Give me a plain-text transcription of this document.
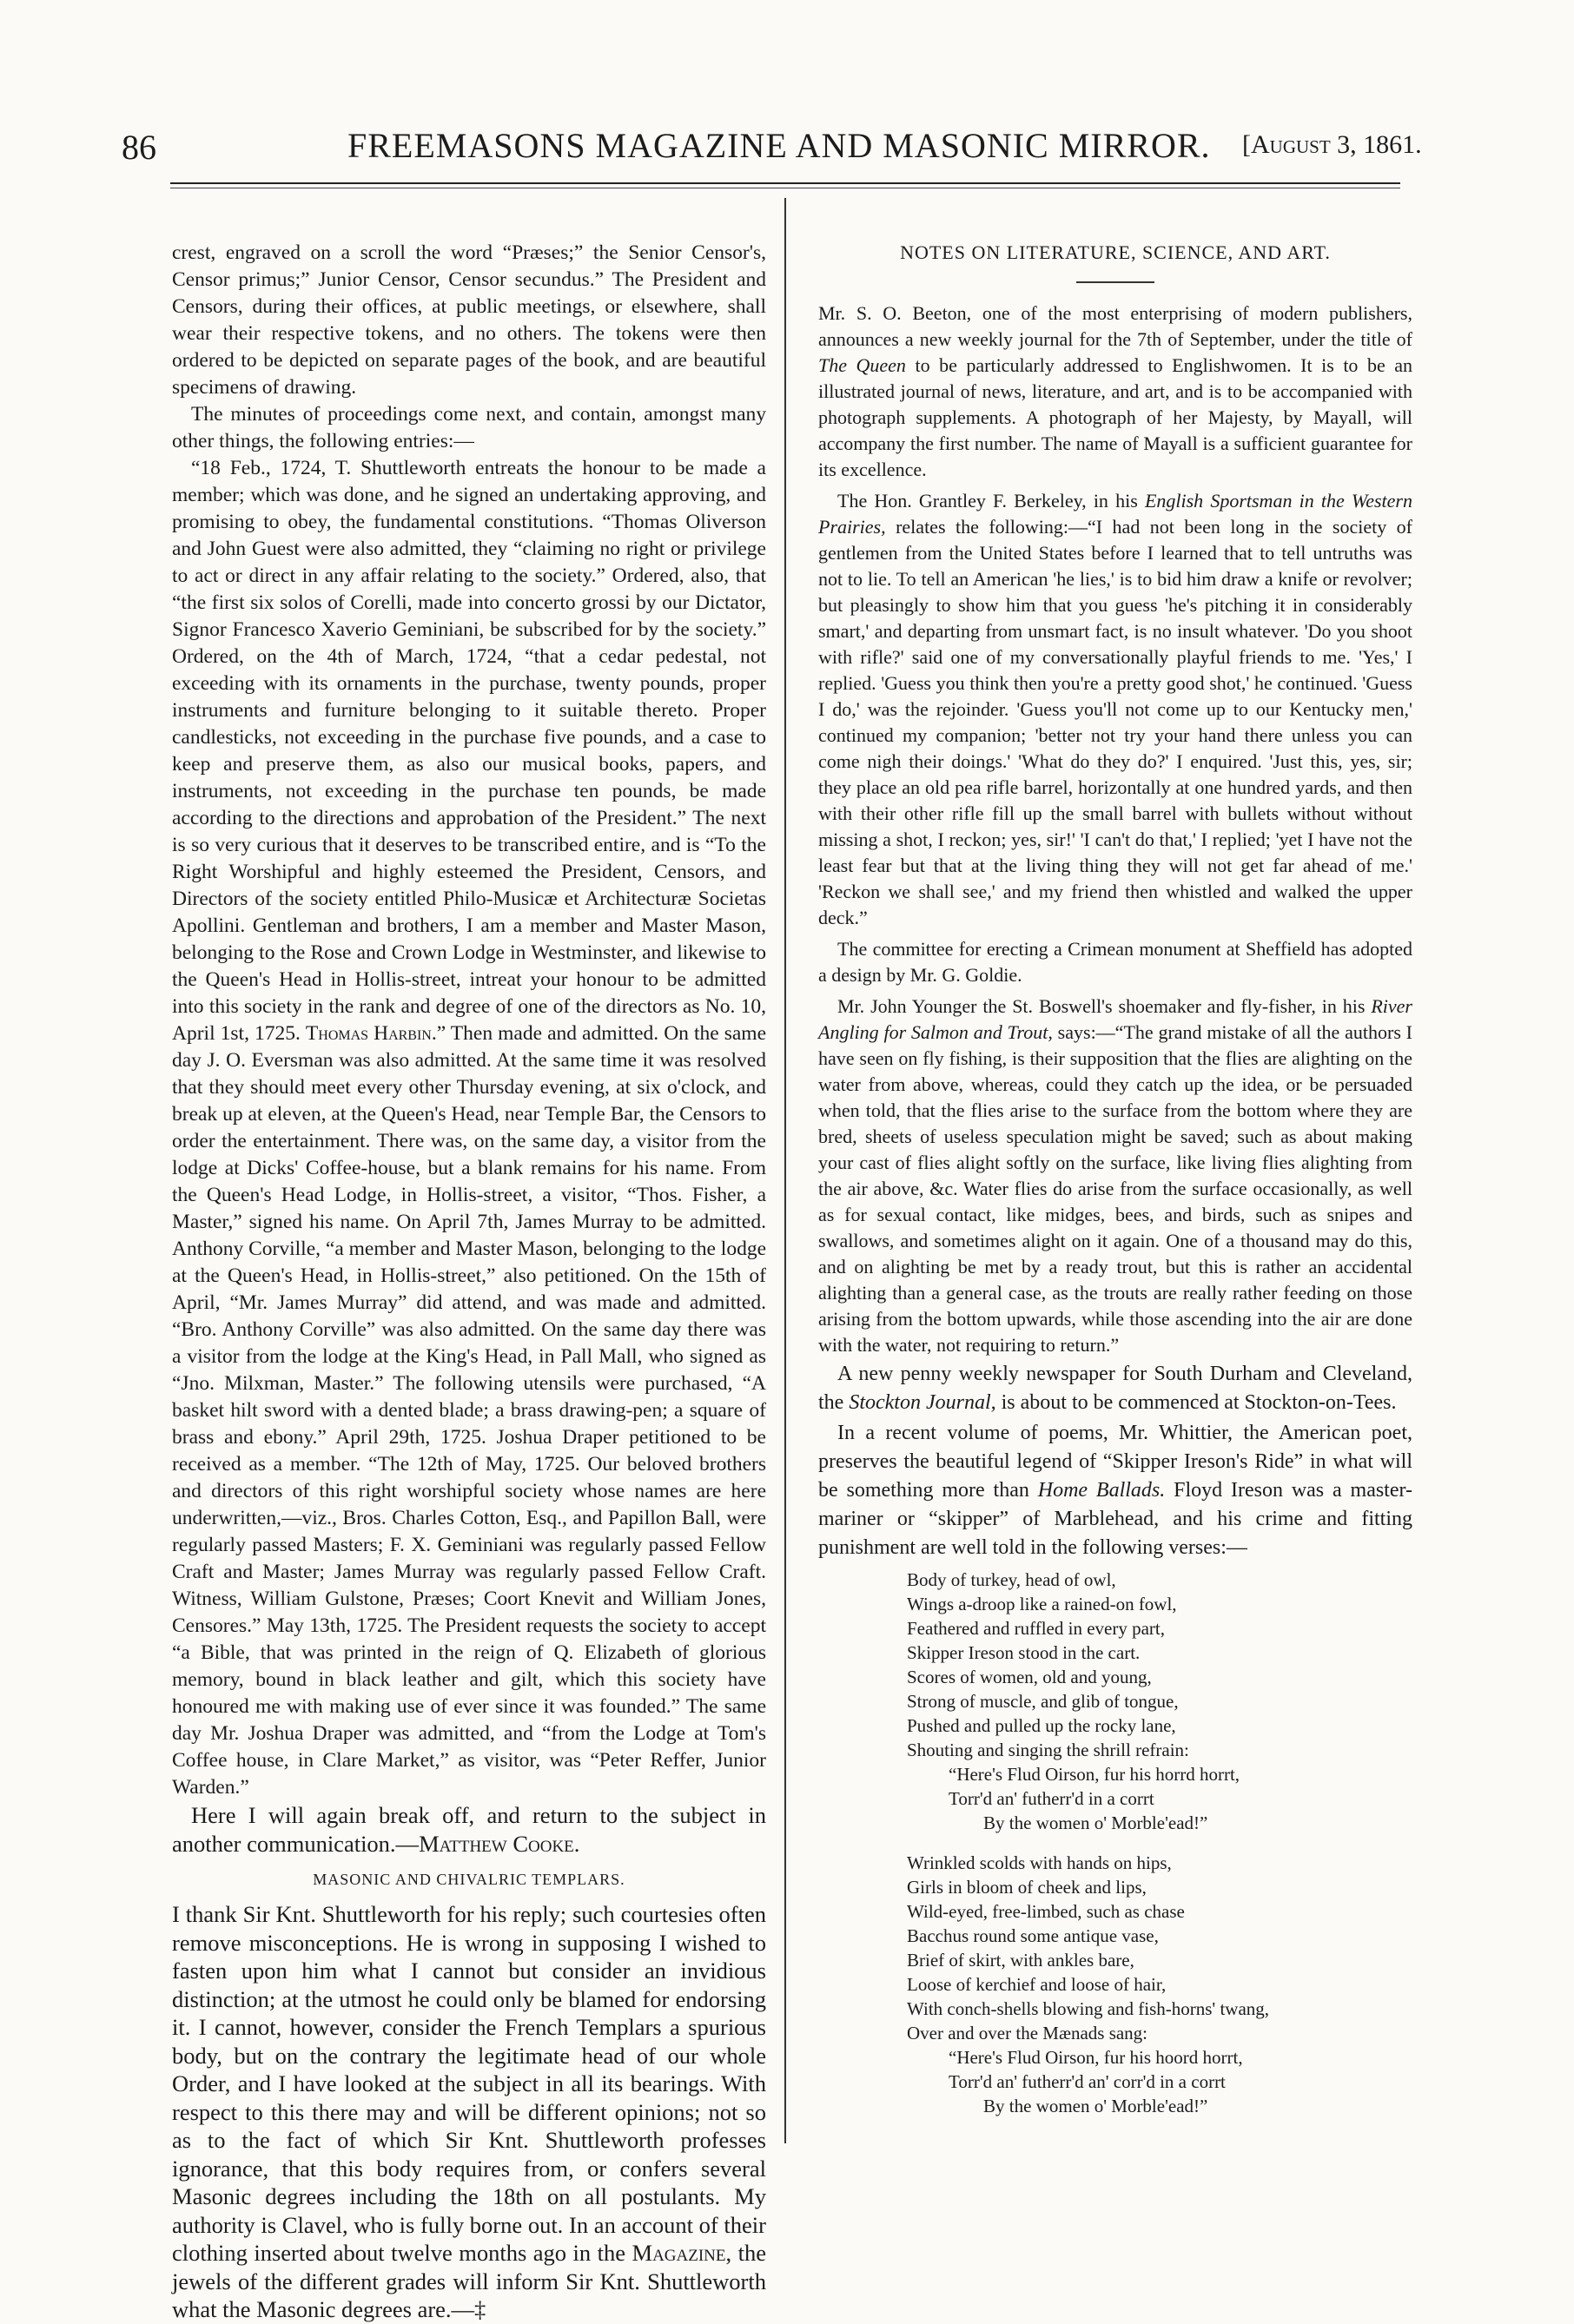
86	FREEMASONS MAGAZINE AND MASONIC MIRROR. [August 3, 1861.

crest, engraved on a scroll the word “Præses;” the Senior Censor's, Censor primus;” Junior Censor, Censor secundus.” The President and Censors, during their offices, at public meetings, or elsewhere, shall wear their respective tokens, and no others. The tokens were then ordered to be depicted on separate pages of the book, and are beautiful specimens of drawing.

The minutes of proceedings come next, and contain, amongst many other things, the following entries:—

“18 Feb., 1724, T. Shuttleworth entreats the honour to be made a member; which was done, and he signed an undertaking approving, and promising to obey, the fundamental constitutions. “Thomas Oliverson and John Guest were also admitted, they “claiming no right or privilege to act or direct in any affair relating to the society.” Ordered, also, that “the first six solos of Corelli, made into concerto grossi by our Dictator, Signor Francesco Xaverio Geminiani, be subscribed for by the society.” Ordered, on the 4th of March, 1724, “that a cedar pedestal, not exceeding with its ornaments in the purchase, twenty pounds, proper instruments and furniture belonging to it suitable thereto. Proper candlesticks, not exceeding in the purchase five pounds, and a case to keep and preserve them, as also our musical books, papers, and instruments, not exceeding in the purchase ten pounds, be made according to the directions and approbation of the President.” The next is so very curious that it deserves to be transcribed entire, and is “To the Right Worshipful and highly esteemed the President, Censors, and Directors of the society entitled Philo-Musicæ et Architecturæ Societas Apollini. Gentleman and brothers, I am a member and Master Mason, belonging to the Rose and Crown Lodge in Westminster, and likewise to the Queen's Head in Hollis-street, intreat your honour to be admitted into this society in the rank and degree of one of the directors as No. 10, April 1st, 1725. Thomas Harbin.” Then made and admitted. On the same day J. O. Eversman was also admitted. At the same time it was resolved that they should meet every other Thursday evening, at six o'clock, and break up at eleven, at the Queen's Head, near Temple Bar, the Censors to order the entertainment. There was, on the same day, a visitor from the lodge at Dicks' Coffee-house, but a blank remains for his name. From the Queen's Head Lodge, in Hollis-street, a visitor, “Thos. Fisher, a Master,” signed his name. On April 7th, James Murray to be admitted. Anthony Corville, “a member and Master Mason, belonging to the lodge at the Queen's Head, in Hollis-street,” also petitioned. On the 15th of April, “Mr. James Murray” did attend, and was made and admitted. “Bro. Anthony Corville” was also admitted. On the same day there was a visitor from the lodge at the King's Head, in Pall Mall, who signed as “Jno. Milxman, Master.” The following utensils were purchased, “A basket hilt sword with a dented blade; a brass drawing-pen; a square of brass and ebony.” April 29th, 1725. Joshua Draper petitioned to be received as a member. “The 12th of May, 1725. Our beloved brothers and directors of this right worshipful society whose names are here underwritten,—viz., Bros. Charles Cotton, Esq., and Papillon Ball, were regularly passed Masters; F. X. Geminiani was regularly passed Fellow Craft and Master; James Murray was regularly passed Fellow Craft. Witness, William Gulstone, Præses; Coort Knevit and William Jones, Censores.” May 13th, 1725. The President requests the society to accept “a Bible, that was printed in the reign of Q. Elizabeth of glorious memory, bound in black leather and gilt, which this society have honoured me with making use of ever since it was founded.” The same day Mr. Joshua Draper was admitted, and “from the Lodge at Tom's Coffee house, in Clare Market,” as visitor, was “Peter Reffer, Junior Warden.”

Here I will again break off, and return to the subject in another communication.—Matthew Cooke.

MASONIC AND CHIVALRIC TEMPLARS.

I thank Sir Knt. Shuttleworth for his reply; such courtesies often remove misconceptions. He is wrong in supposing I wished to fasten upon him what I cannot but consider an invidious distinction; at the utmost he could only be blamed for endorsing it. I cannot, however, consider the French Templars a spurious body, but on the contrary the legitimate head of our whole Order, and I have looked at the subject in all its bearings. With respect to this there may and will be different opinions; not so as to the fact of which Sir Knt. Shuttleworth professes ignorance, that this body requires from, or confers several Masonic degrees including the 18th on all postulants. My authority is Clavel, who is fully borne out. In an account of their clothing inserted about twelve months ago in the Magazine, the jewels of the different grades will inform Sir Knt. Shuttleworth what the Masonic degrees are.—‡

NOTES ON LITERATURE, SCIENCE, AND ART.

Mr. S. O. Beeton, one of the most enterprising of modern publishers, announces a new weekly journal for the 7th of September, under the title of The Queen to be particularly addressed to Englishwomen. It is to be an illustrated journal of news, literature, and art, and is to be accompanied with photograph supplements. A photograph of her Majesty, by Mayall, will accompany the first number. The name of Mayall is a sufficient guarantee for its excellence.

The Hon. Grantley F. Berkeley, in his English Sportsman in the Western Prairies, relates the following:—“I had not been long in the society of gentlemen from the United States before I learned that to tell untruths was not to lie. To tell an American 'he lies,' is to bid him draw a knife or revolver; but pleasingly to show him that you guess 'he's pitching it in considerably smart,' and departing from unsmart fact, is no insult whatever. 'Do you shoot with rifle?' said one of my conversationally playful friends to me. 'Yes,' I replied. 'Guess you think then you're a pretty good shot,' he continued. 'Guess I do,' was the rejoinder. 'Guess you'll not come up to our Kentucky men,' continued my companion; 'better not try your hand there unless you can come nigh their doings.' 'What do they do?' I enquired. 'Just this, yes, sir; they place an old pea rifle barrel, horizontally at one hundred yards, and then with their other rifle fill up the small barrel with bullets without without missing a shot, I reckon; yes, sir!' 'I can't do that,' I replied; 'yet I have not the least fear but that at the living thing they will not get far ahead of me.' 'Reckon we shall see,' and my friend then whistled and walked the upper deck.”

The committee for erecting a Crimean monument at Sheffield has adopted a design by Mr. G. Goldie.

Mr. John Younger the St. Boswell's shoemaker and fly-fisher, in his River Angling for Salmon and Trout, says:—“The grand mistake of all the authors I have seen on fly fishing, is their supposition that the flies are alighting on the water from above, whereas, could they catch up the idea, or be persuaded when told, that the flies arise to the surface from the bottom where they are bred, sheets of useless speculation might be saved; such as about making your cast of flies alight softly on the surface, like living flies alighting from the air above, &c. Water flies do arise from the surface occasionally, as well as for sexual contact, like midges, bees, and birds, such as snipes and swallows, and sometimes alight on it again. One of a thousand may do this, and on alighting be met by a ready trout, but this is rather an accidental alighting than a general case, as the trouts are really rather feeding on those arising from the bottom upwards, while those ascending into the air are done with the water, not requiring to return.”

A new penny weekly newspaper for South Durham and Cleveland, the Stockton Journal, is about to be commenced at Stockton-on-Tees.

In a recent volume of poems, Mr. Whittier, the American poet, preserves the beautiful legend of “Skipper Ireson's Ride” in what will be something more than Home Ballads. Floyd Ireson was a master-mariner or “skipper” of Marblehead, and his crime and fitting punishment are well told in the following verses:—

Body of turkey, head of owl,
Wings a-droop like a rained-on fowl,
Feathered and ruffled in every part,
Skipper Ireson stood in the cart.
Scores of women, old and young,
Strong of muscle, and glib of tongue,
Pushed and pulled up the rocky lane,
Shouting and singing the shrill refrain:
“Here's Flud Oirson, fur his horrd horrt,
Torr'd an' futherr'd in a corrt
By the women o' Morble'ead!”
Wrinkled scolds with hands on hips,
Girls in bloom of cheek and lips,
Wild-eyed, free-limbed, such as chase
Bacchus round some antique vase,
Brief of skirt, with ankles bare,
Loose of kerchief and loose of hair,
With conch-shells blowing and fish-horns' twang,
Over and over the Mænads sang:
“Here's Flud Oirson, fur his hoord horrt,
Torr'd an' futherr'd an' corr'd in a corrt
By the women o' Morble'ead!”
